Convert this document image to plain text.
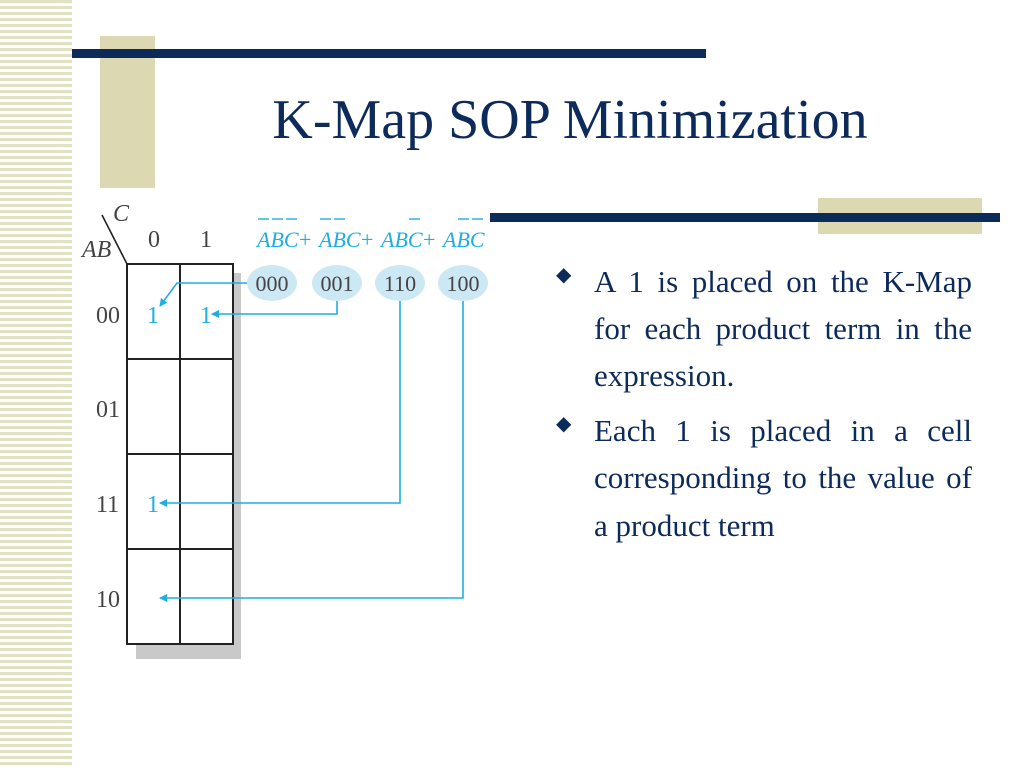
K-Map SOP Minimization
C
AB 0 1
00
01
11
10
1 1
1
ABC + ABC + ABC + ABC
000 001 110 100	◆ A 1 is placed on the K-Map for each product term in the expression.
◆ Each 1 is placed in a cell corresponding to the value of a product term
